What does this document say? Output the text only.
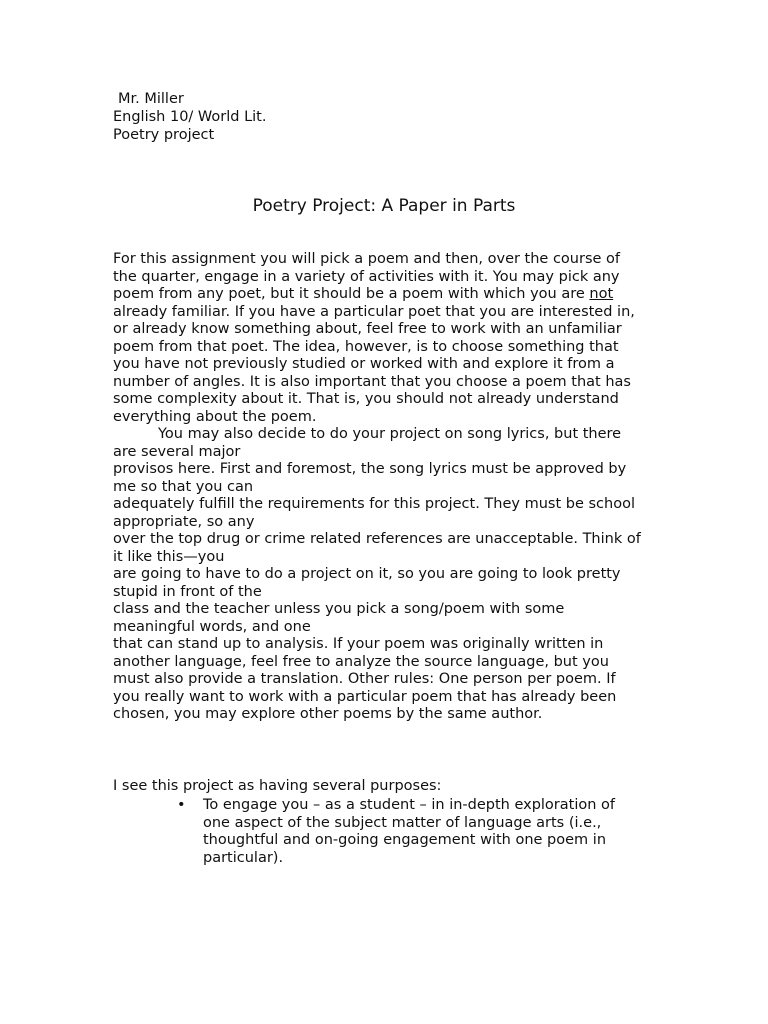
Mr. Miller
English 10/ World Lit.
Poetry project
Poetry Project: A Paper in Parts
For this assignment you will pick a poem and then, over the course of
the quarter, engage in a variety of activities with it. You may pick any
poem from any poet, but it should be a poem with which you are not
already familiar. If you have a particular poet that you are interested in,
or already know something about, feel free to work with an unfamiliar
poem from that poet. The idea, however, is to choose something that
you have not previously studied or worked with and explore it from a
number of angles. It is also important that you choose a poem that has
some complexity about it. That is, you should not already understand
everything about the poem.
You may also decide to do your project on song lyrics, but there
are several major
provisos here. First and foremost, the song lyrics must be approved by
me so that you can
adequately fulfill the requirements for this project. They must be school
appropriate, so any
over the top drug or crime related references are unacceptable. Think of
it like this—you
are going to have to do a project on it, so you are going to look pretty
stupid in front of the
class and the teacher unless you pick a song/poem with some
meaningful words, and one
that can stand up to analysis. If your poem was originally written in
another language, feel free to analyze the source language, but you
must also provide a translation. Other rules: One person per poem. If
you really want to work with a particular poem that has already been
chosen, you may explore other poems by the same author.
I see this project as having several purposes:
• To engage you – as a student – in in-depth exploration of
one aspect of the subject matter of language arts (i.e.,
thoughtful and on-going engagement with one poem in
particular).
